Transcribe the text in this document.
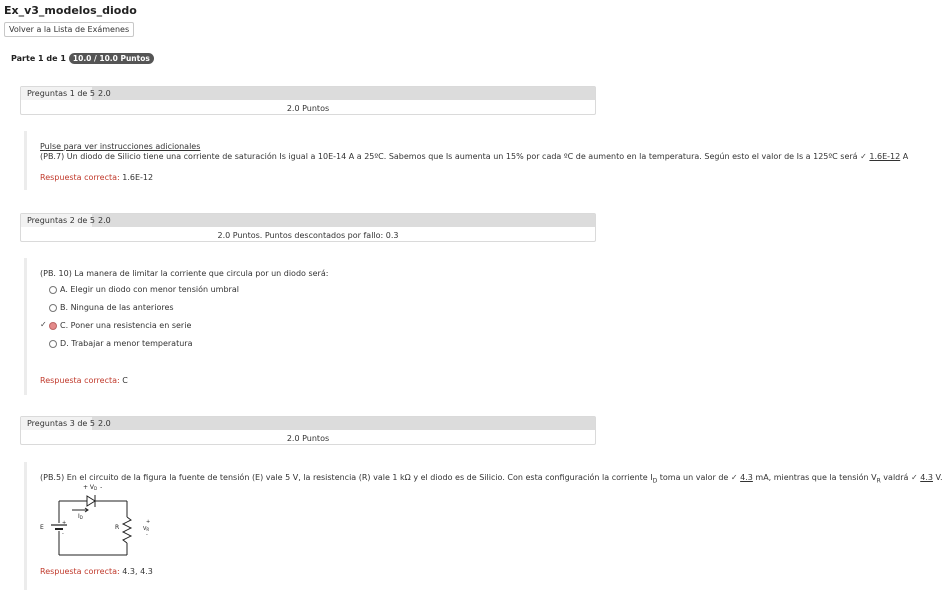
Ex_v3_modelos_diodo
Volver a la Lista de Exámenes
Parte 1 de 1 10.0 / 10.0 Puntos
Preguntas 1 de 5 2.0
2.0 Puntos
Pulse para ver instrucciones adicionales
(PB.7) Un diodo de Silicio tiene una corriente de saturación Is igual a 10E-14 A a 25ºC. Sabemos que Is aumenta un 15% por cada ºC de aumento en la temperatura. Según esto el valor de Is a 125ºC será ✓ 1.6E-12 A
Respuesta correcta: 1.6E-12
Preguntas 2 de 5 2.0
2.0 Puntos. Puntos descontados por fallo: 0.3
(PB. 10) La manera de limitar la corriente que circula por un diodo será:
A. Elegir un diodo con menor tensión umbral
B. Ninguna de las anteriores
✓ C. Poner una resistencia en serie
D. Trabajar a menor temperatura
Respuesta correcta: C
Preguntas 3 de 5 2.0
2.0 Puntos
(PB.5) En el circuito de la figura la fuente de tensión (E) vale 5 V, la resistencia (R) vale 1 kΩ y el diodo es de Silicio. Con esta configuración la corriente $I_D$ toma un valor de ✓ 4.3 mA, mientras que la tensión $V_R$ valdrá ✓ 4.3 V.
+ VD -
ID
E
+
-
R
+
$V_R$
-
Respuesta correcta: 4.3, 4.3
